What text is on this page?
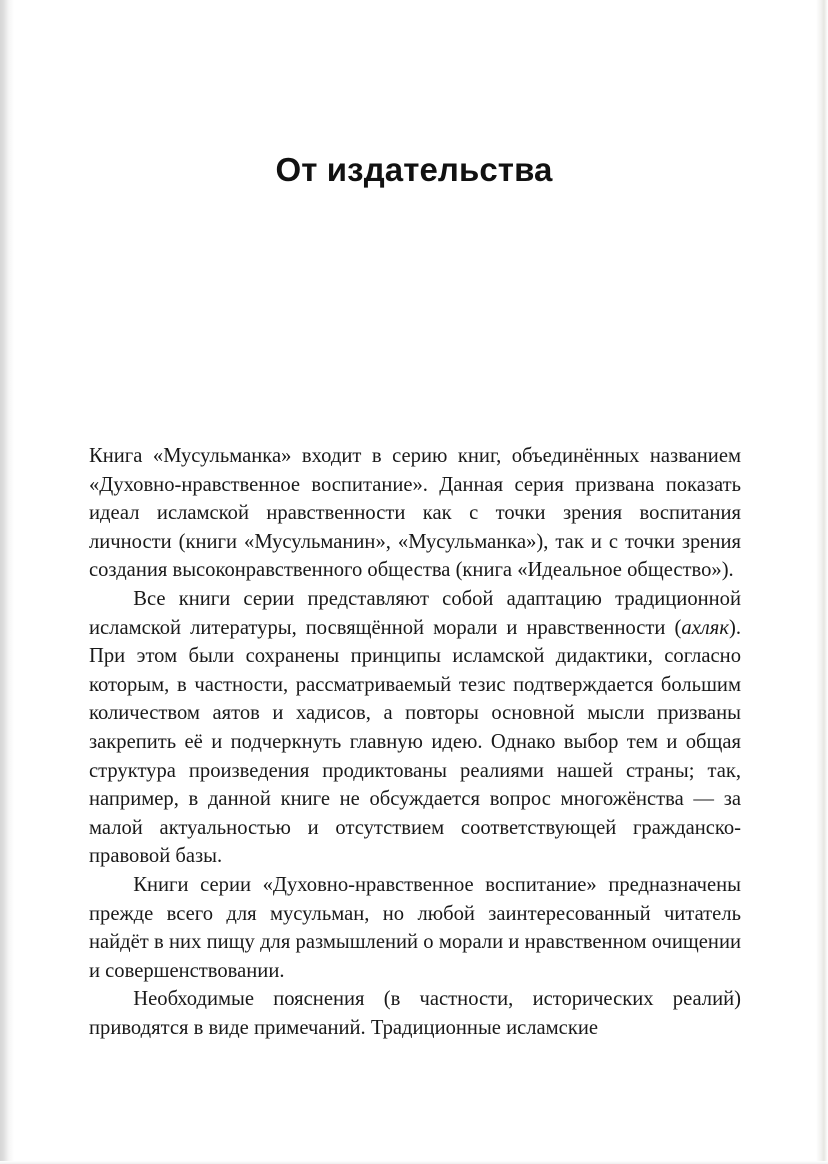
От издательства

Книга «Мусульманка» входит в серию книг, объединённых названием «Духовно-нравственное воспитание». Данная серия призвана показать идеал исламской нравственности как с точки зрения воспитания личности (книги «Мусульманин», «Мусульманка»), так и с точки зрения создания высоконравственного общества (книга «Идеальное общество»).

Все книги серии представляют собой адаптацию традиционной исламской литературы, посвящённой морали и нравственности (ахляк). При этом были сохранены принципы исламской дидактики, согласно которым, в частности, рассматриваемый тезис подтверждается большим количеством аятов и хадисов, а повторы основной мысли призваны закрепить её и подчеркнуть главную идею. Однако выбор тем и общая структура произведения продиктованы реалиями нашей страны; так, например, в данной книге не обсуждается вопрос многожёнства — за малой актуальностью и отсутствием соответствующей гражданско-правовой базы.

Книги серии «Духовно-нравственное воспитание» предназначены прежде всего для мусульман, но любой заинтересованный читатель найдёт в них пищу для размышлений о морали и нравственном очищении и совершенствовании.

Необходимые пояснения (в частности, исторических реалий) приводятся в виде примечаний. Традиционные исламские
